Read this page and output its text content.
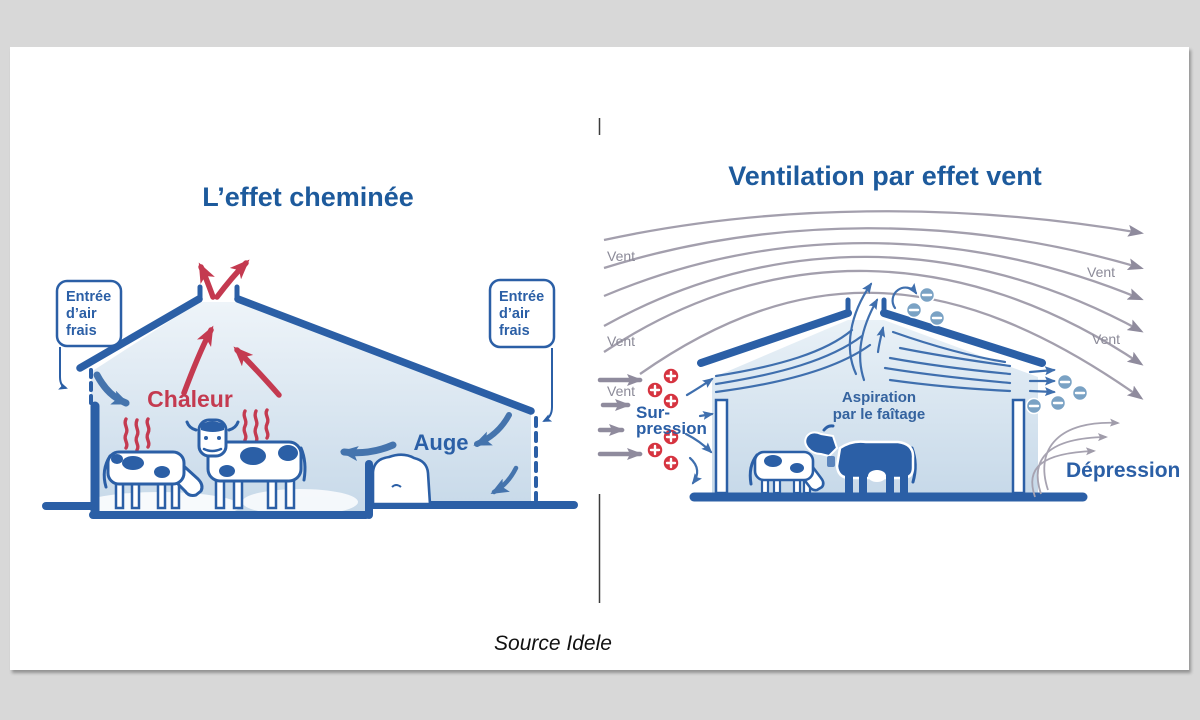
L’effet cheminée
Entrée
d’air
frais
Entrée
d’air
frais
Chaleur
Auge
Ventilation par effet vent
Vent
Vent
Vent
Vent
Vent
Sur-
pression
Aspiration
par le faîtage
Dépression
Source Idele
